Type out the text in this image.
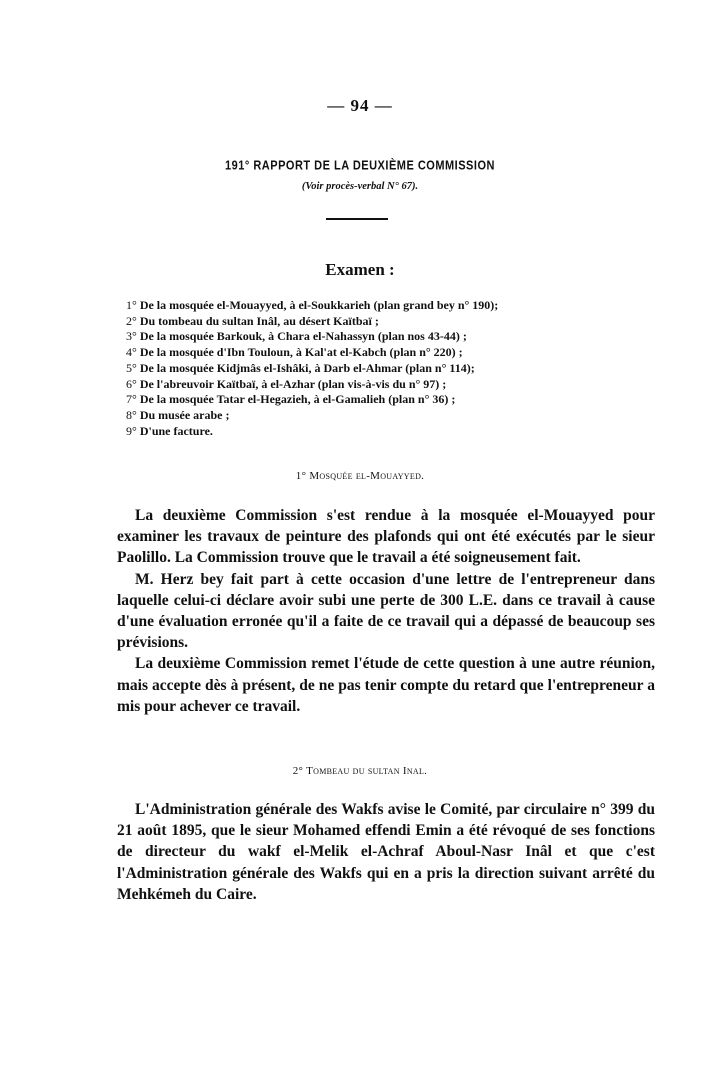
— 94 —
191° RAPPORT DE LA DEUXIÈME COMMISSION
(Voir procès-verbal N° 67).
Examen :
1° De la mosquée el-Mouayyed, à el-Soukkarieh (plan grand bey n° 190);
2° Du tombeau du sultan Inâl, au désert Kaïtbaï ;
3° De la mosquée Barkouk, à Chara el-Nahassyn (plan nos 43-44) ;
4° De la mosquée d'Ibn Touloun, à Kal'at el-Kabch (plan n° 220) ;
5° De la mosquée Kidjmâs el-Ishâki, à Darb el-Ahmar (plan n° 114);
6° De l'abreuvoir Kaïtbaï, à el-Azhar (plan vis-à-vis du n° 97) ;
7° De la mosquée Tatar el-Hegazieh, à el-Gamalieh (plan n° 36) ;
8° Du musée arabe ;
9° D'une facture.
1° Mosquée el-Mouayyed.

La deuxième Commission s'est rendue à la mosquée el-Mouayyed pour examiner les travaux de peinture des plafonds qui ont été exécutés par le sieur Paolillo. La Commission trouve que le travail a été soigneusement fait.

M. Herz bey fait part à cette occasion d'une lettre de l'entrepreneur dans laquelle celui-ci déclare avoir subi une perte de 300 L.E. dans ce travail à cause d'une évaluation erronée qu'il a faite de ce travail qui a dépassé de beaucoup ses prévisions.

La deuxième Commission remet l'étude de cette question à une autre réunion, mais accepte dès à présent, de ne pas tenir compte du retard que l'entrepreneur a mis pour achever ce travail.

2° Tombeau du sultan Inal.

L'Administration générale des Wakfs avise le Comité, par circulaire n° 399 du 21 août 1895, que le sieur Mohamed effendi Emin a été révoqué de ses fonctions de directeur du wakf el-Melik el-Achraf Aboul-Nasr Inâl et que c'est l'Administration générale des Wakfs qui en a pris la direction suivant arrêté du Mehkémeh du Caire.
